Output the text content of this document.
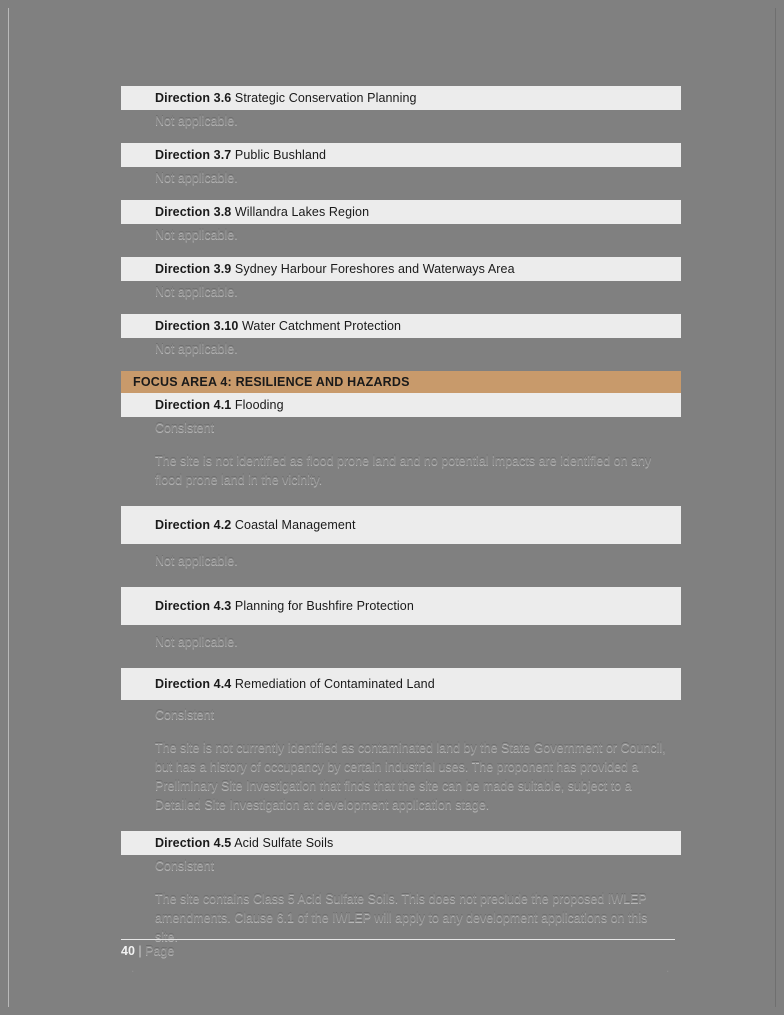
Direction 3.6 Strategic Conservation Planning
Not applicable.
Direction 3.7 Public Bushland
Not applicable.
Direction 3.8 Willandra Lakes Region
Not applicable.
Direction 3.9 Sydney Harbour Foreshores and Waterways Area
Not applicable.
Direction 3.10 Water Catchment Protection
Not applicable.
FOCUS AREA 4: RESILIENCE AND HAZARDS
Direction 4.1 Flooding
Consistent
The site is not identified as flood prone land and no potential impacts are identified on any flood prone land in the vicinity.
Direction 4.2 Coastal Management
Not applicable.
Direction 4.3 Planning for Bushfire Protection
Not applicable.
Direction 4.4 Remediation of Contaminated Land
Consistent
The site is not currently identified as contaminated land by the State Government or Council, but has a history of occupancy by certain industrial uses. The proponent has provided a Preliminary Site Investigation that finds that the site can be made suitable, subject to a Detailed Site Investigation at development application stage.
Direction 4.5 Acid Sulfate Soils
Consistent
The site contains Class 5 Acid Sulfate Soils. This does not preclude the proposed IWLEP amendments. Clause 6.1 of the IWLEP will apply to any development applications on this site.
.	.
40 | Page
